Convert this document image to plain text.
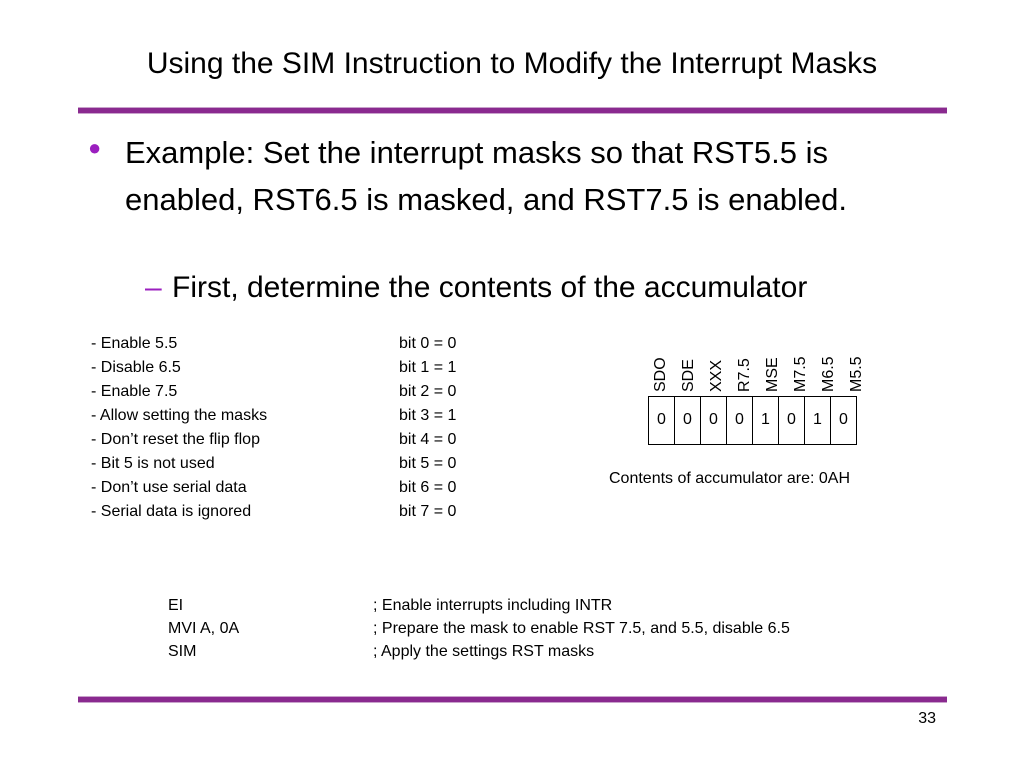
Using the SIM Instruction to Modify the Interrupt Masks
● Example: Set the interrupt masks so that RST5.5 is enabled, RST6.5 is masked, and RST7.5 is enabled.
– First, determine the contents of the accumulator
- Enable 5.5	bit 0 = 0
- Disable 6.5	bit 1 = 1
- Enable 7.5	bit 2 = 0
- Allow setting the masks	bit 3 = 1
- Don’t reset the flip flop	bit 4 = 0
- Bit 5 is not used	bit 5 = 0
- Don’t use serial data	bit 6 = 0
- Serial data is ignored	bit 7 = 0
SDO SDE XXX R7.5 MSE M7.5 M6.5 M5.5
0	0	0	0	1	0	1	0
Contents of accumulator are: 0AH
EI	; Enable interrupts including INTR
MVI A, 0A	; Prepare the mask to enable RST 7.5, and 5.5, disable 6.5
SIM	; Apply the settings RST masks
33
